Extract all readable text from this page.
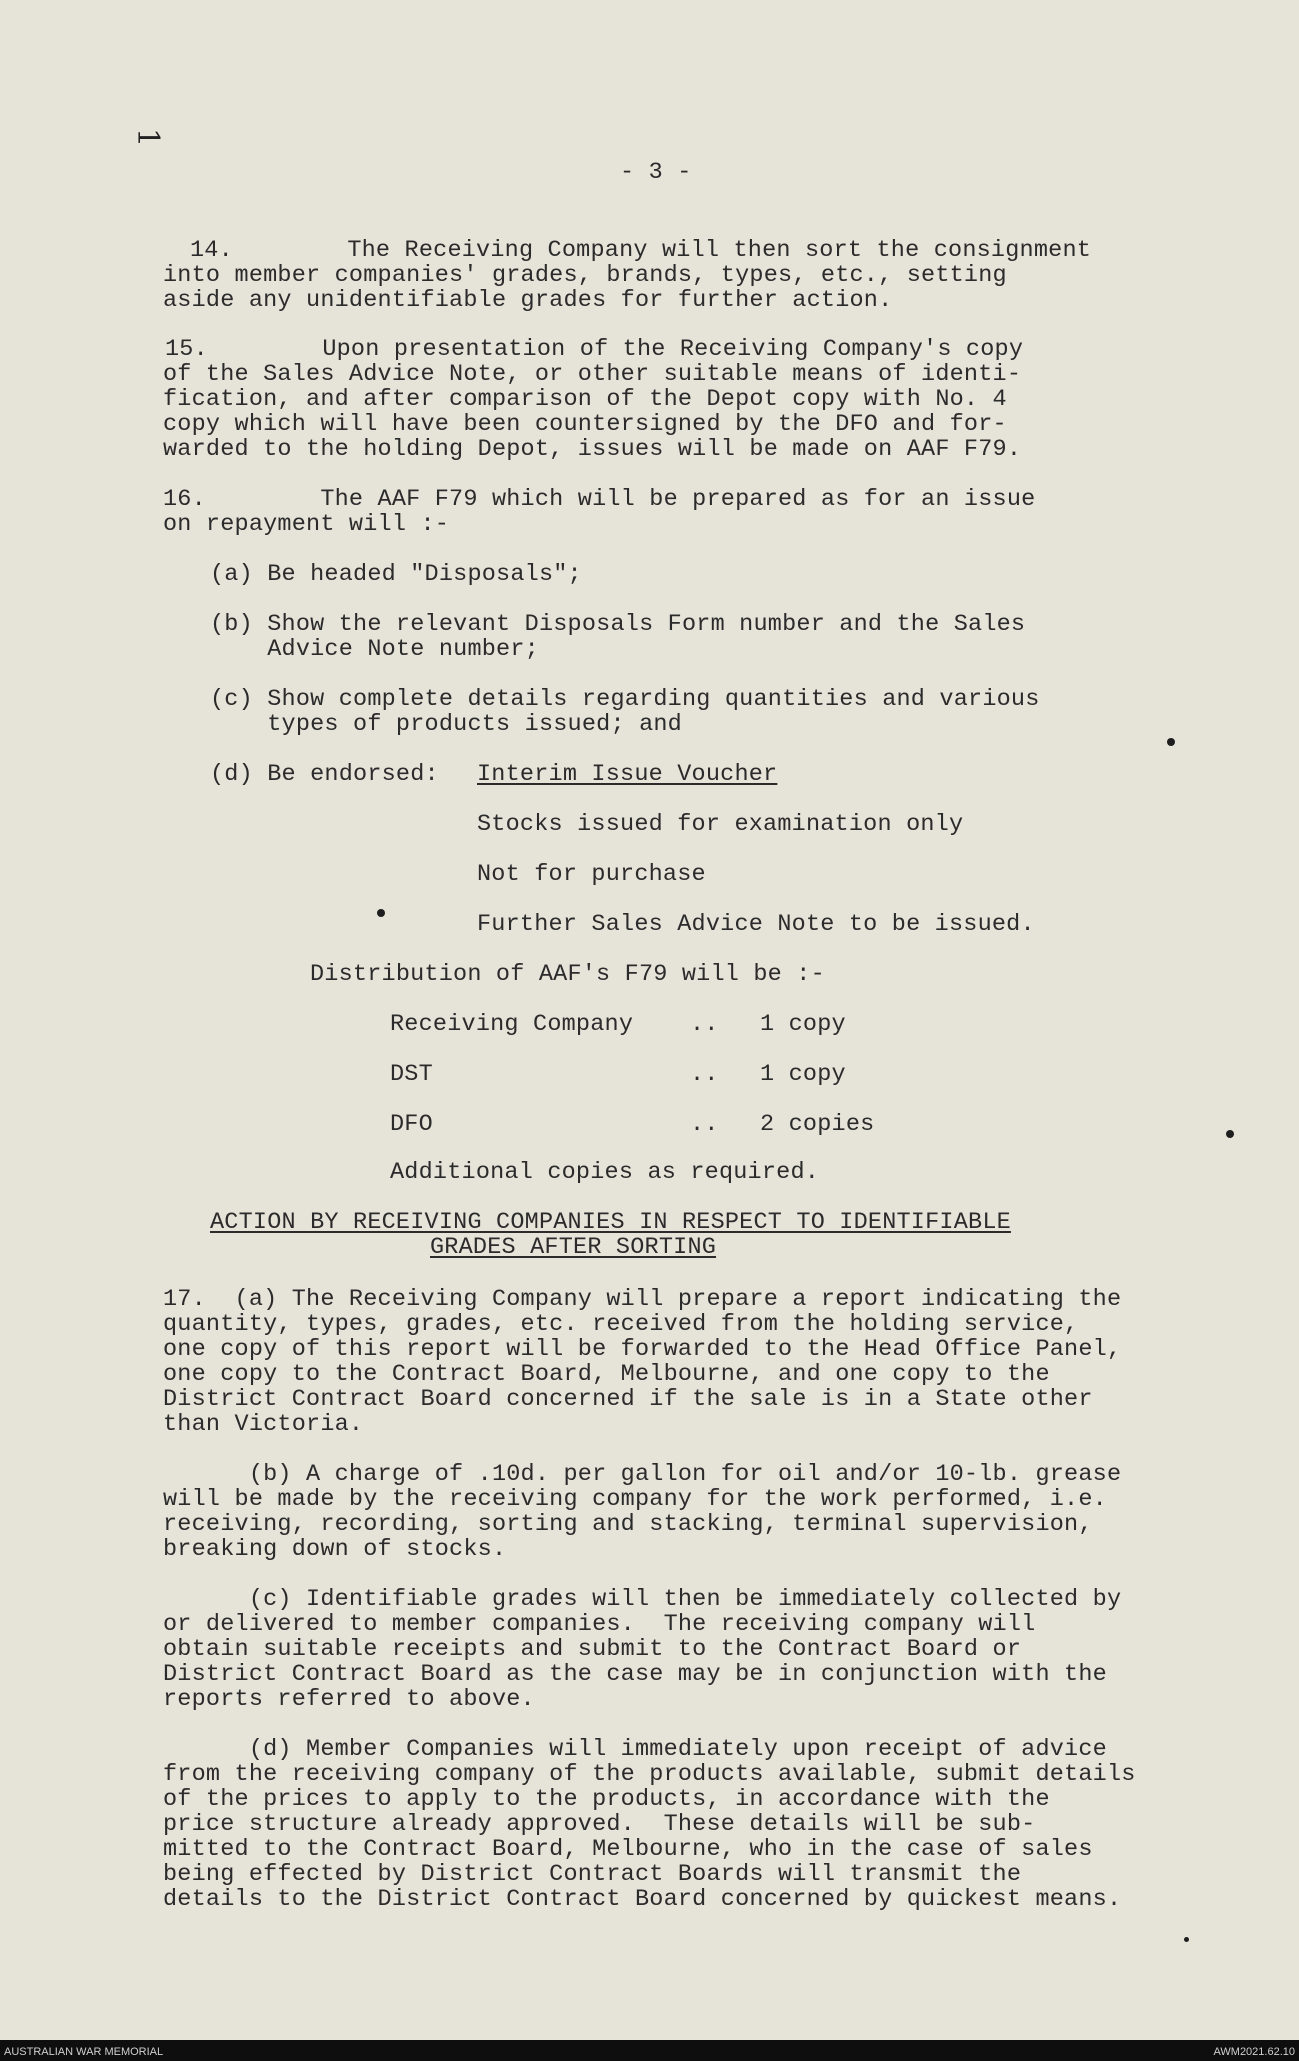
1
- 3 -
14.        The Receiving Company will then sort the consignment
into member companies' grades, brands, types, etc., setting
aside any unidentifiable grades for further action.
15.        Upon presentation of the Receiving Company's copy
of the Sales Advice Note, or other suitable means of identi-
fication, and after comparison of the Depot copy with No. 4
copy which will have been countersigned by the DFO and for-
warded to the holding Depot, issues will be made on AAF F79.
16.        The AAF F79 which will be prepared as for an issue
on repayment will :-
(a) Be headed "Disposals";
(b) Show the relevant Disposals Form number and the Sales
Advice Note number;
(c) Show complete details regarding quantities and various
types of products issued; and
(d) Be endorsed: Interim Issue Voucher
Stocks issued for examination only
Not for purchase
Further Sales Advice Note to be issued.
Distribution of AAF's F79 will be :-
Receiving Company .. 1 copy
DST	.. 1 copy
DFO	.. 2 copies
Additional copies as required.
ACTION BY RECEIVING COMPANIES IN RESPECT TO IDENTIFIABLE
GRADES AFTER SORTING
17.  (a) The Receiving Company will prepare a report indicating the
quantity, types, grades, etc. received from the holding service,
one copy of this report will be forwarded to the Head Office Panel,
one copy to the Contract Board, Melbourne, and one copy to the
District Contract Board concerned if the sale is in a State other
than Victoria.
(b) A charge of .10d. per gallon for oil and/or 10-lb. grease
will be made by the receiving company for the work performed, i.e.
receiving, recording, sorting and stacking, terminal supervision,
breaking down of stocks.
(c) Identifiable grades will then be immediately collected by
or delivered to member companies.  The receiving company will
obtain suitable receipts and submit to the Contract Board or
District Contract Board as the case may be in conjunction with the
reports referred to above.
(d) Member Companies will immediately upon receipt of advice
from the receiving company of the products available, submit details
of the prices to apply to the products, in accordance with the
price structure already approved.  These details will be sub-
mitted to the Contract Board, Melbourne, who in the case of sales
being effected by District Contract Boards will transmit the
details to the District Contract Board concerned by quickest means.
AUSTRALIAN WAR MEMORIAL	AWM2021.62.10
